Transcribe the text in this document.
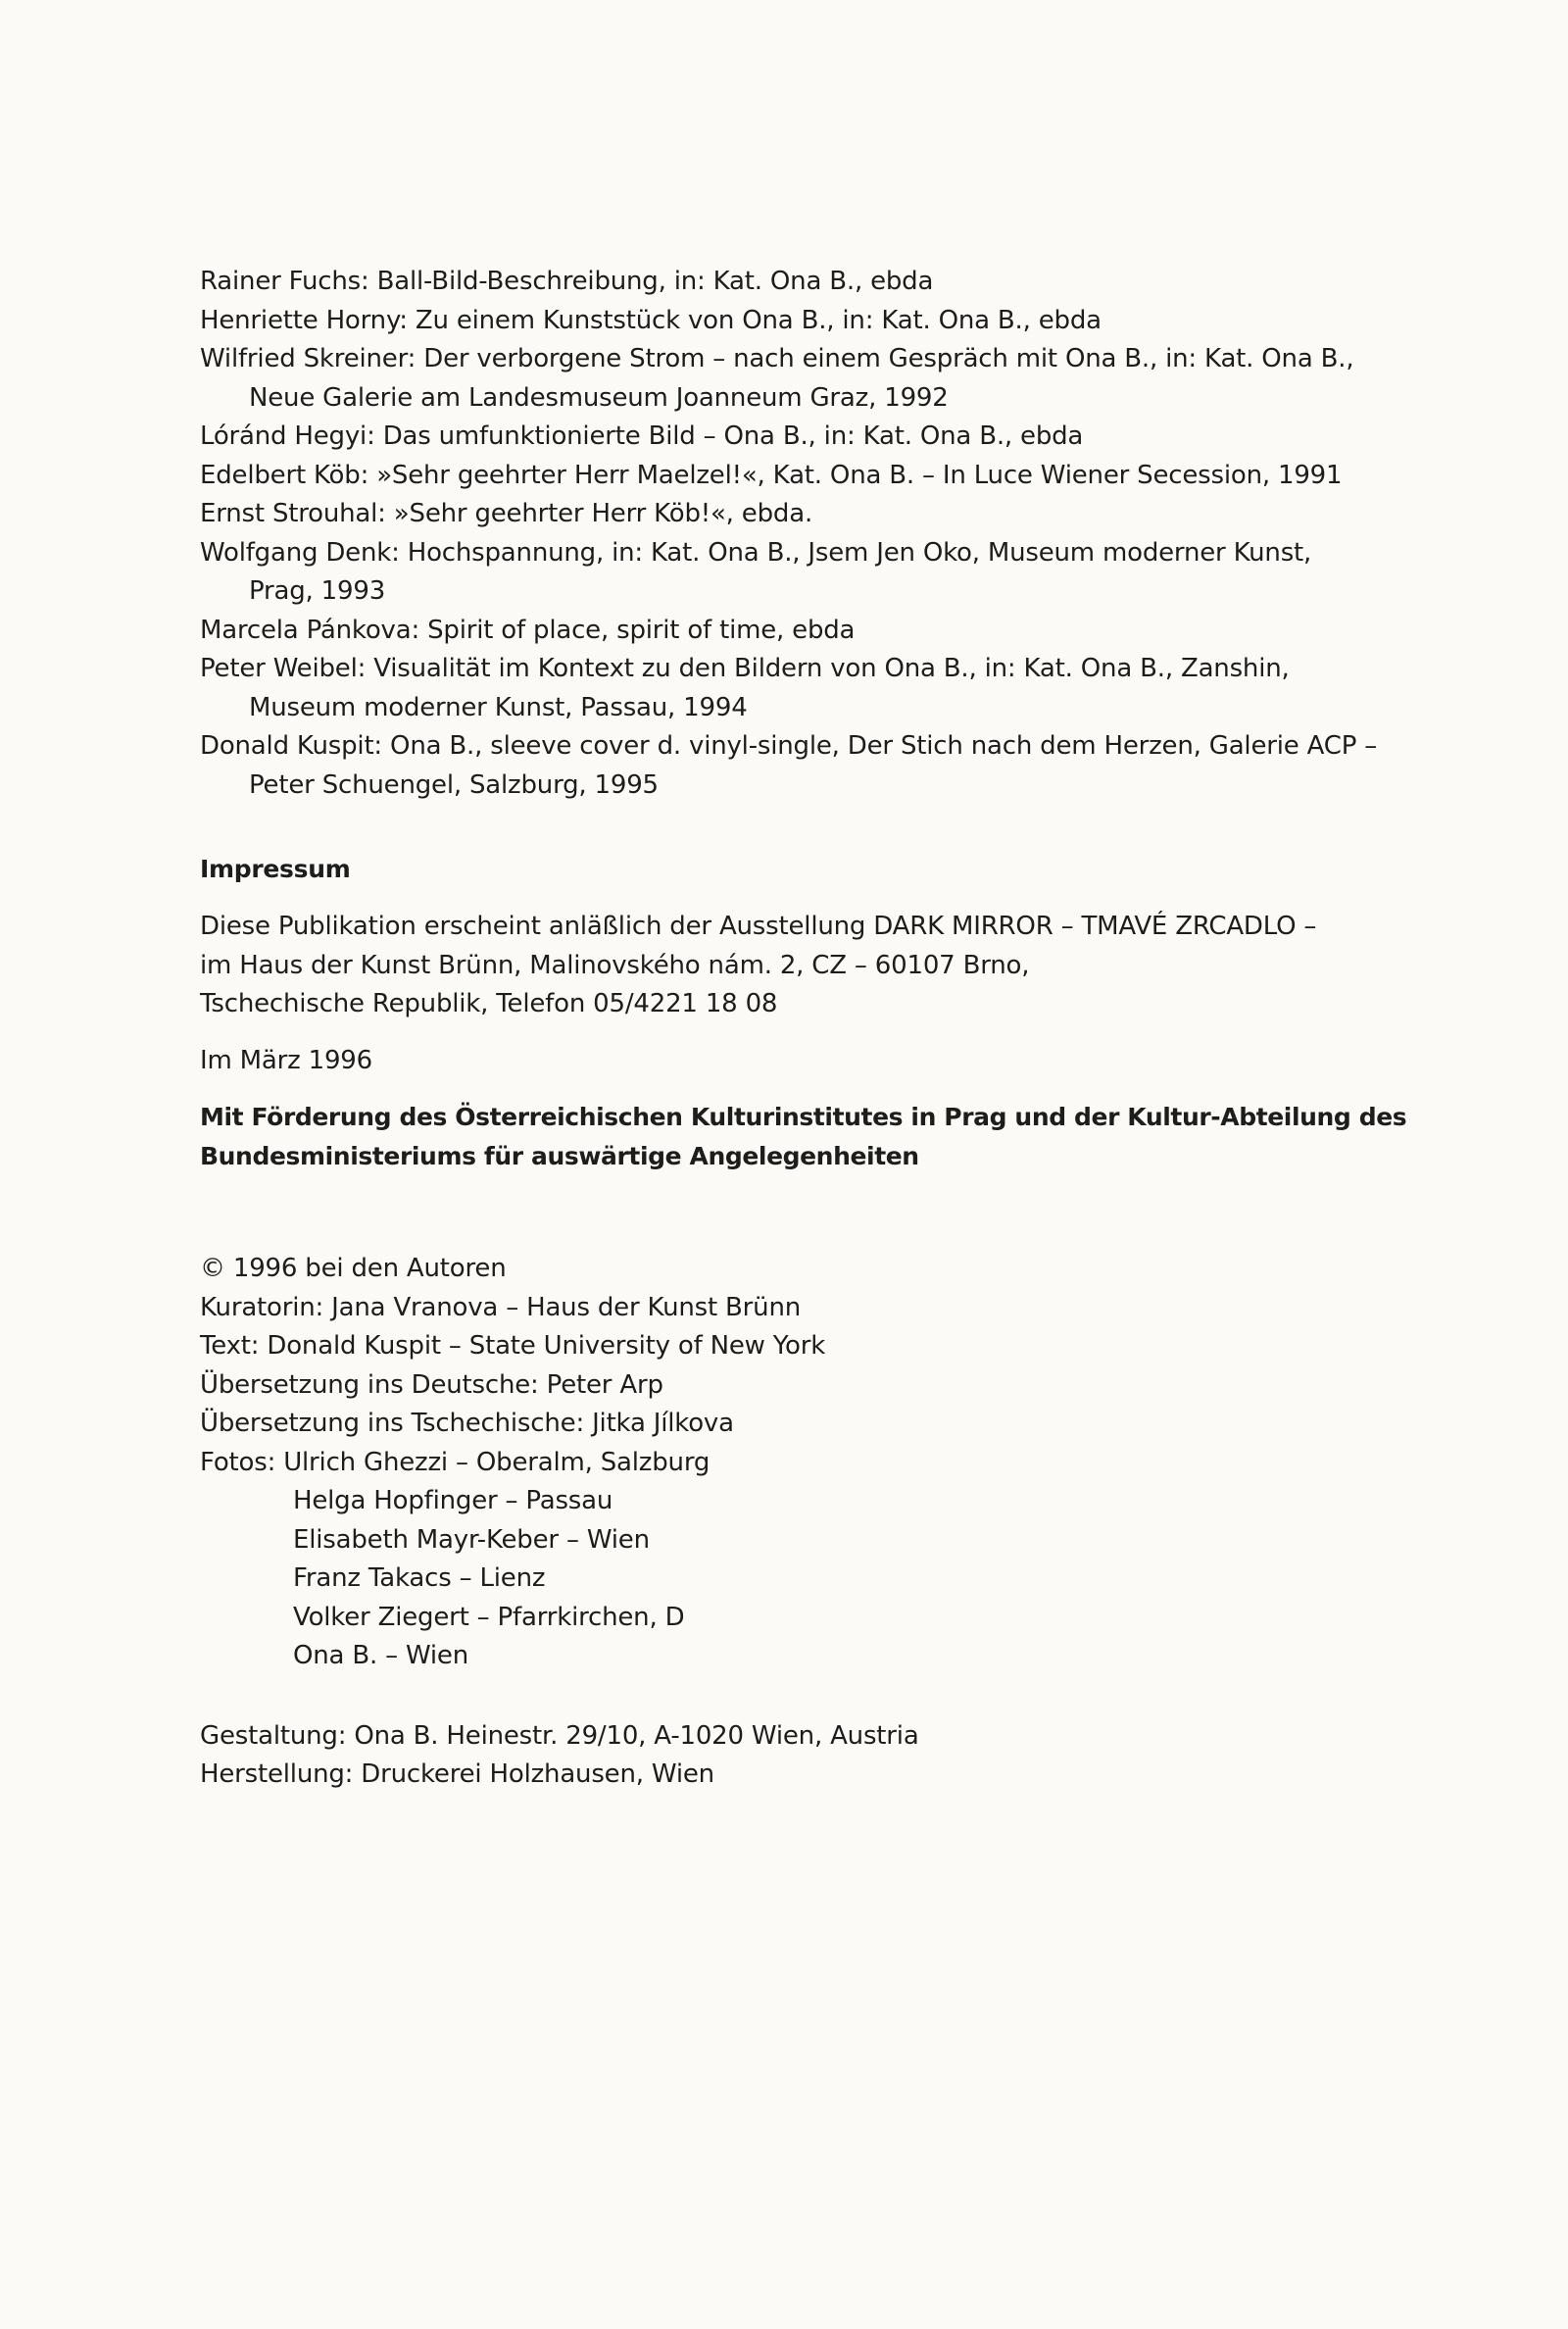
Rainer Fuchs: Ball-Bild-Beschreibung, in: Kat. Ona B., ebda
Henriette Horny: Zu einem Kunststück von Ona B., in: Kat. Ona B., ebda
Wilfried Skreiner: Der verborgene Strom – nach einem Gespräch mit Ona B., in: Kat. Ona B.,
Neue Galerie am Landesmuseum Joanneum Graz, 1992
Lóránd Hegyi: Das umfunktionierte Bild – Ona B., in: Kat. Ona B., ebda
Edelbert Köb: »Sehr geehrter Herr Maelzel!«, Kat. Ona B. – In Luce Wiener Secession, 1991
Ernst Strouhal: »Sehr geehrter Herr Köb!«, ebda.
Wolfgang Denk: Hochspannung, in: Kat. Ona B., Jsem Jen Oko, Museum moderner Kunst,
Prag, 1993
Marcela Pánkova: Spirit of place, spirit of time, ebda
Peter Weibel: Visualität im Kontext zu den Bildern von Ona B., in: Kat. Ona B., Zanshin,
Museum moderner Kunst, Passau, 1994
Donald Kuspit: Ona B., sleeve cover d. vinyl-single, Der Stich nach dem Herzen, Galerie ACP –
Peter Schuengel, Salzburg, 1995
Impressum
Diese Publikation erscheint anläßlich der Ausstellung DARK MIRROR – TMAVÉ ZRCADLO –
im Haus der Kunst Brünn, Malinovského nám. 2, CZ – 60107 Brno,
Tschechische Republik, Telefon 05/4221 18 08
Im März 1996
Mit Förderung des Österreichischen Kulturinstitutes in Prag und der Kultur-Abteilung des
Bundesministeriums für auswärtige Angelegenheiten
© 1996 bei den Autoren
Kuratorin: Jana Vranova – Haus der Kunst Brünn
Text: Donald Kuspit – State University of New York
Übersetzung ins Deutsche: Peter Arp
Übersetzung ins Tschechische: Jitka Jílkova
Fotos: Ulrich Ghezzi – Oberalm, Salzburg
Helga Hopfinger – Passau
Elisabeth Mayr-Keber – Wien
Franz Takacs – Lienz
Volker Ziegert – Pfarrkirchen, D
Ona B. – Wien
Gestaltung: Ona B. Heinestr. 29/10, A-1020 Wien, Austria
Herstellung: Druckerei Holzhausen, Wien
